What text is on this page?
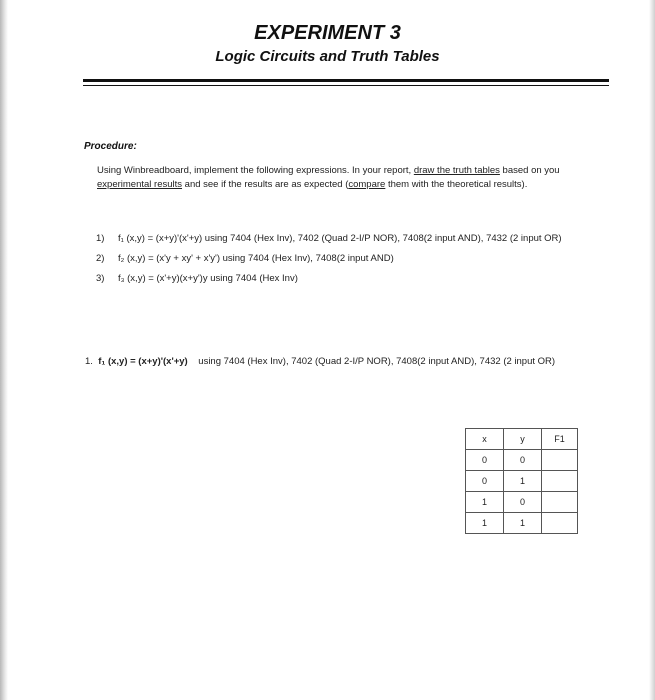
EXPERIMENT 3
Logic Circuits and Truth Tables
Procedure:
Using Winbreadboard, implement the following expressions. In your report, draw the truth tables based on you experimental results and see if the results are as expected (compare them with the theoretical results).
1)	f₁ (x,y) = (x+y)'(x'+y) using 7404 (Hex Inv), 7402 (Quad 2-I/P NOR), 7408(2 input AND), 7432 (2 input OR)
2)	f₂ (x,y) = (x'y + xy' + x'y') using 7404 (Hex Inv), 7408(2 input AND)
3)	f₃ (x,y) = (x'+y)(x+y')y using 7404 (Hex Inv)
1. f₁ (x,y) = (x+y)'(x'+y) using 7404 (Hex Inv), 7402 (Quad 2-I/P NOR), 7408(2 input AND), 7432 (2 input OR)
x	y	F1
0	0	
0	1	
1	0	
1	1	
